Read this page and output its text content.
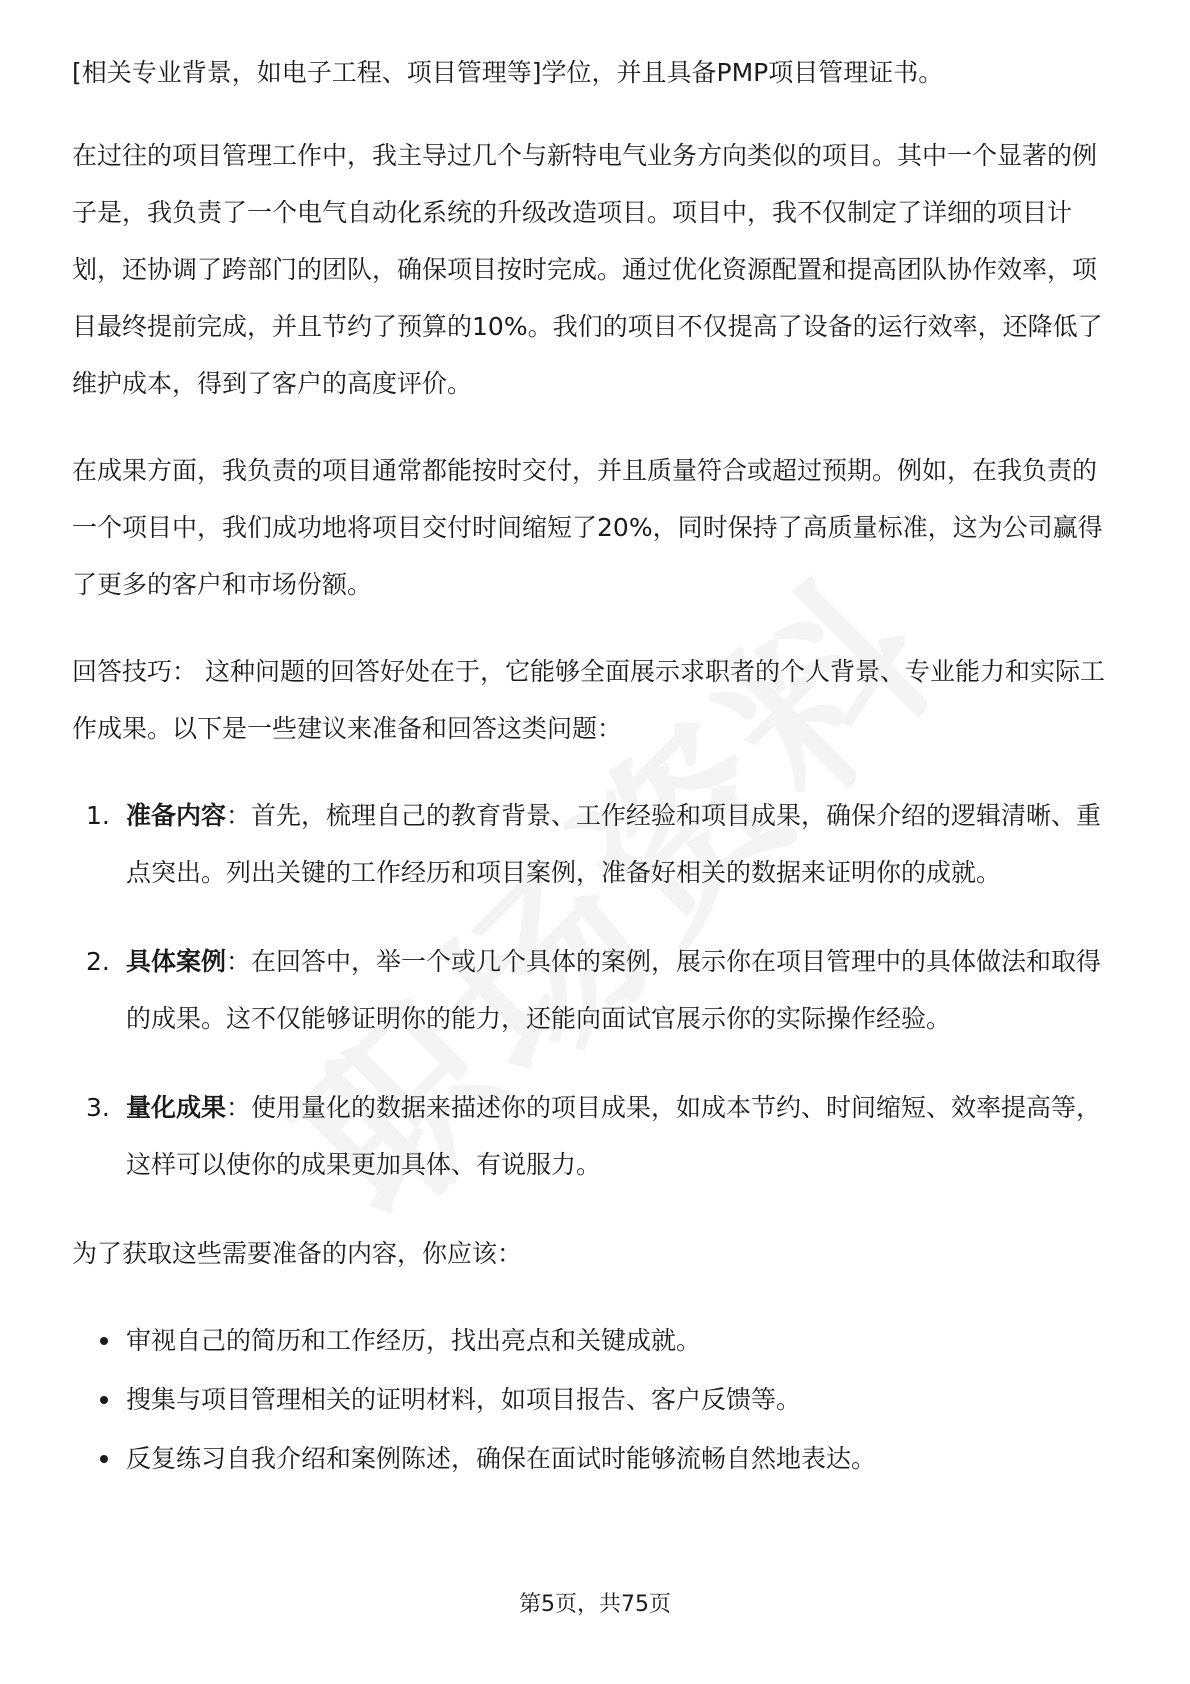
[相关专业背景，如电子工程、项目管理等]学位，并且具备PMP项目管理证书。

在过往的项目管理工作中，我主导过几个与新特电气业务方向类似的项目。其中一个显著的例子是，我负责了一个电气自动化系统的升级改造项目。项目中，我不仅制定了详细的项目计划，还协调了跨部门的团队，确保项目按时完成。通过优化资源配置和提高团队协作效率，项目最终提前完成，并且节约了预算的10%。我们的项目不仅提高了设备的运行效率，还降低了维护成本，得到了客户的高度评价。

在成果方面，我负责的项目通常都能按时交付，并且质量符合或超过预期。例如，在我负责的一个项目中，我们成功地将项目交付时间缩短了20%，同时保持了高质量标准，这为公司赢得了更多的客户和市场份额。

回答技巧： 这种问题的回答好处在于，它能够全面展示求职者的个人背景、专业能力和实际工作成果。以下是一些建议来准备和回答这类问题：

1. 准备内容：首先，梳理自己的教育背景、工作经验和项目成果，确保介绍的逻辑清晰、重点突出。列出关键的工作经历和项目案例，准备好相关的数据来证明你的成就。
2. 具体案例：在回答中，举一个或几个具体的案例，展示你在项目管理中的具体做法和取得的成果。这不仅能够证明你的能力，还能向面试官展示你的实际操作经验。
3. 量化成果：使用量化的数据来描述你的项目成果，如成本节约、时间缩短、效率提高等，这样可以使你的成果更加具体、有说服力。

为了获取这些需要准备的内容，你应该：

审视自己的简历和工作经历，找出亮点和关键成就。
搜集与项目管理相关的证明材料，如项目报告、客户反馈等。
反复练习自我介绍和案例陈述，确保在面试时能够流畅自然地表达。
第5页，共75页
